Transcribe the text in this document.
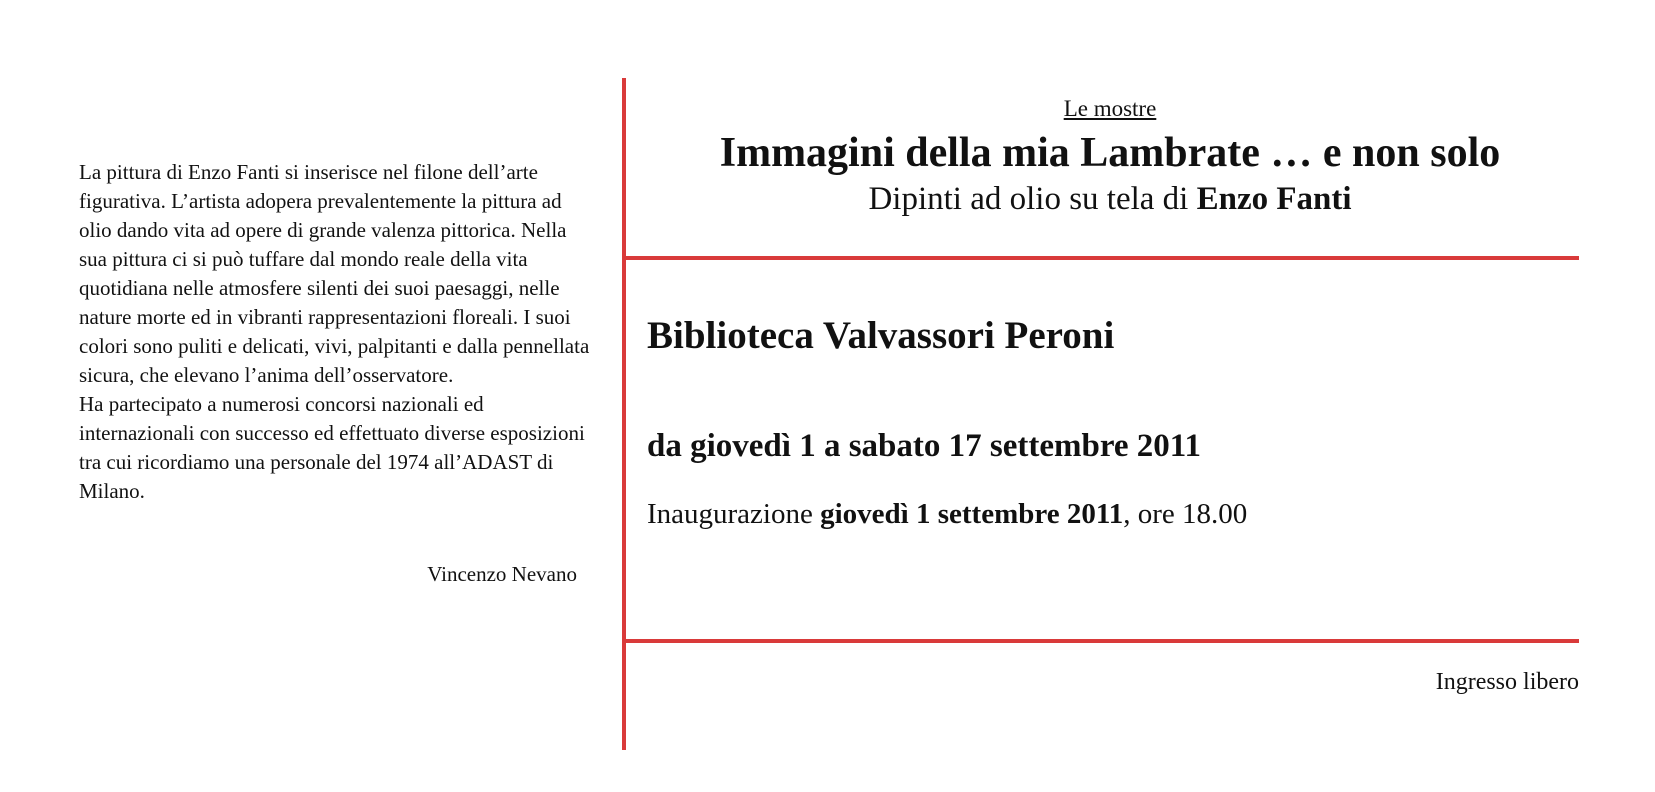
La pittura di Enzo Fanti si inserisce nel filone dell’arte figurativa. L’artista adopera prevalentemente la pittura ad olio dando vita ad opere di grande valenza pittorica. Nella sua pittura ci si può tuffare dal mondo reale della vita quotidiana nelle atmosfere silenti dei suoi paesaggi, nelle nature morte ed in vibranti rappresentazioni floreali. I suoi colori sono puliti e delicati, vivi, palpitanti e dalla pennellata sicura, che elevano l’anima dell’osservatore.

Ha partecipato a numerosi concorsi nazionali ed internazionali con successo ed effettuato diverse esposizioni tra cui ricordiamo una personale del 1974 all’ADAST di Milano.

Vincenzo Nevano
Le mostre
Immagini della mia Lambrate … e non solo
Dipinti ad olio su tela di Enzo Fanti
Biblioteca Valvassori Peroni
da giovedì 1 a sabato 17 settembre 2011
Inaugurazione giovedì 1 settembre 2011, ore 18.00
Ingresso libero
